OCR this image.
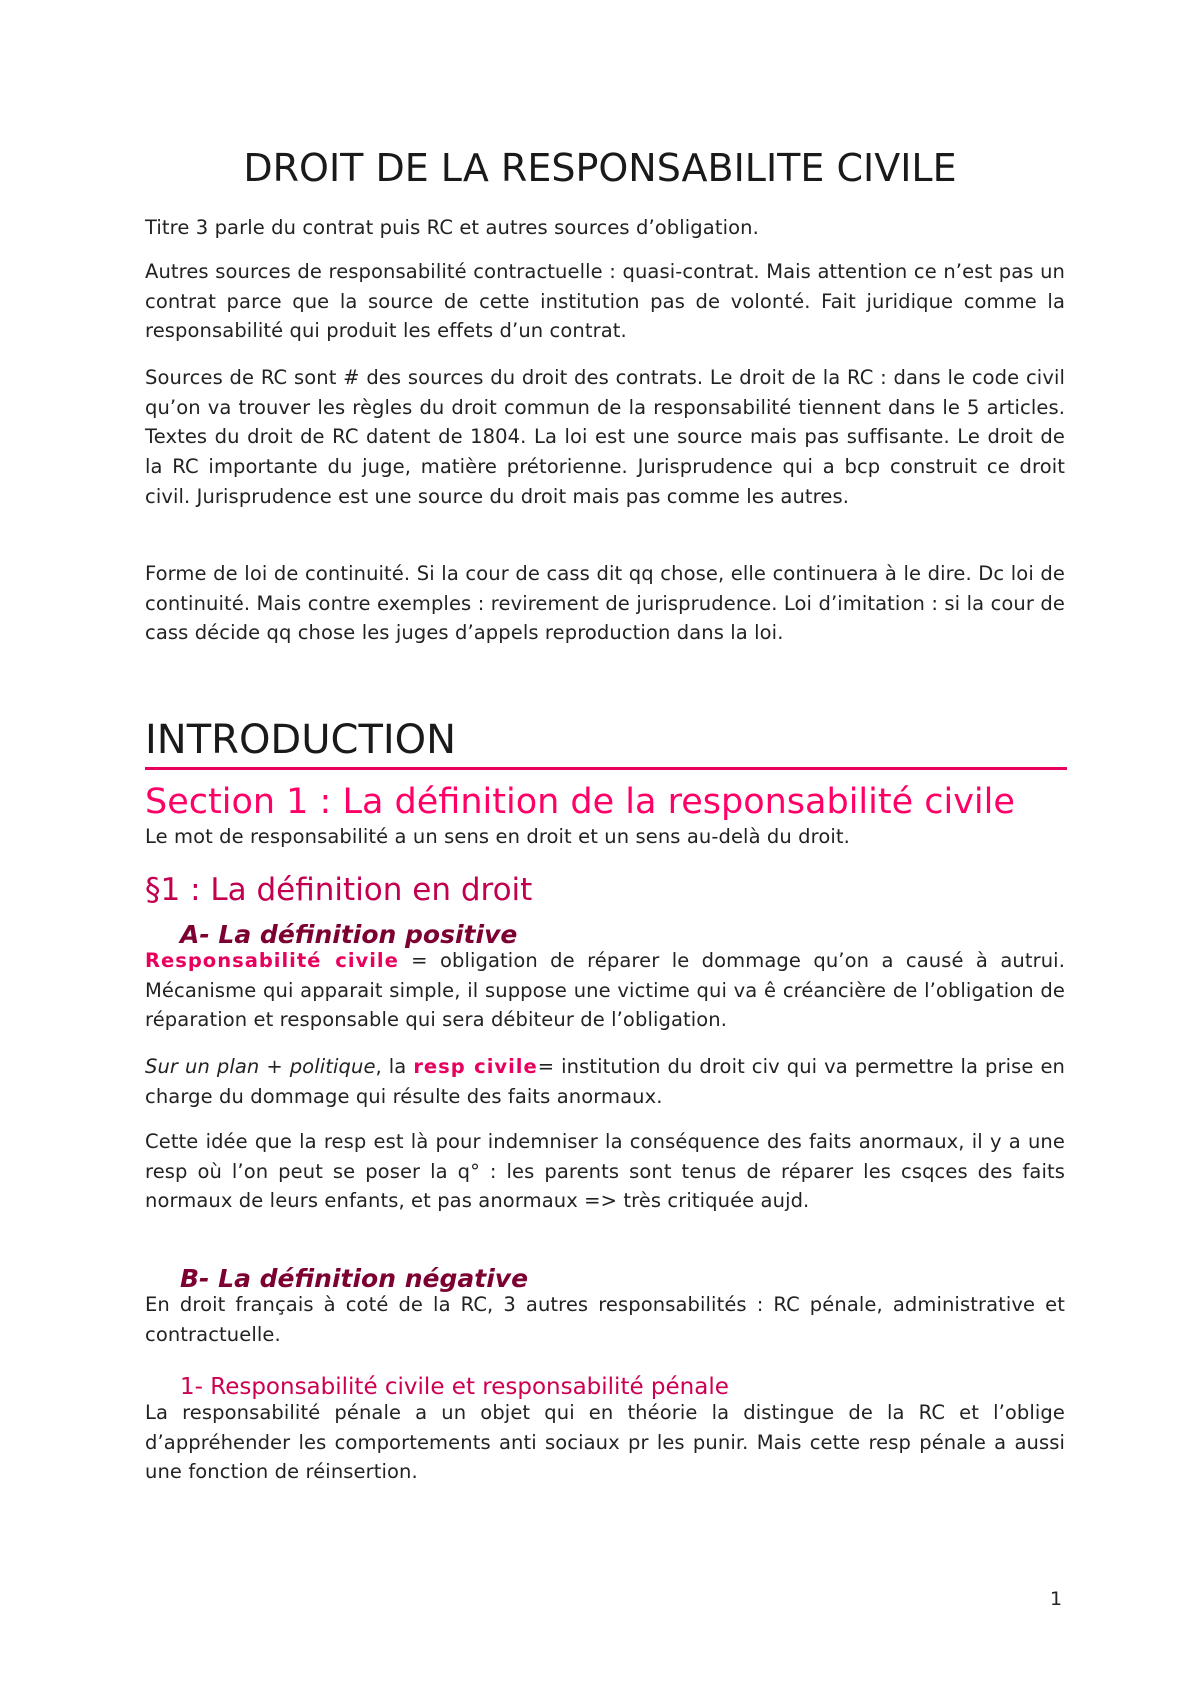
DROIT DE LA RESPONSABILITE CIVILE
Titre 3 parle du contrat puis RC et autres sources d’obligation.
Autres sources de responsabilité contractuelle : quasi-contrat. Mais attention ce n’est pas un contrat parce que la source de cette institution pas de volonté. Fait juridique comme la responsabilité qui produit les effets d’un contrat.
Sources de RC sont # des sources du droit des contrats. Le droit de la RC : dans le code civil qu’on va trouver les règles du droit commun de la responsabilité tiennent dans le 5 articles. Textes du droit de RC datent de 1804. La loi est une source mais pas suffisante. Le droit de la RC importante du juge, matière prétorienne. Jurisprudence qui a bcp construit ce droit civil. Jurisprudence est une source du droit mais pas comme les autres.
Forme de loi de continuité. Si la cour de cass dit qq chose, elle continuera à le dire. Dc loi de continuité. Mais contre exemples : revirement de jurisprudence. Loi d’imitation : si la cour de cass décide qq chose les juges d’appels reproduction dans la loi.
INTRODUCTION
Section 1 : La définition de la responsabilité civile
Le mot de responsabilité a un sens en droit et un sens au-delà du droit.
§1 : La définition en droit
A- La définition positive
Responsabilité civile = obligation de réparer le dommage qu’on a causé à autrui. Mécanisme qui apparait simple, il suppose une victime qui va ê créancière de l’obligation de réparation et responsable qui sera débiteur de l’obligation.
Sur un plan + politique, la resp civile= institution du droit civ qui va permettre la prise en charge du dommage qui résulte des faits anormaux.
Cette idée que la resp est là pour indemniser la conséquence des faits anormaux, il y a une resp où l’on peut se poser la q° : les parents sont tenus de réparer les csqces des faits normaux de leurs enfants, et pas anormaux => très critiquée aujd.
B- La définition négative
En droit français à coté de la RC, 3 autres responsabilités : RC pénale, administrative et contractuelle.
1- Responsabilité civile et responsabilité pénale
La responsabilité pénale a un objet qui en théorie la distingue de la RC et l’oblige d’appréhender les comportements anti sociaux pr les punir. Mais cette resp pénale a aussi une fonction de réinsertion.
1
